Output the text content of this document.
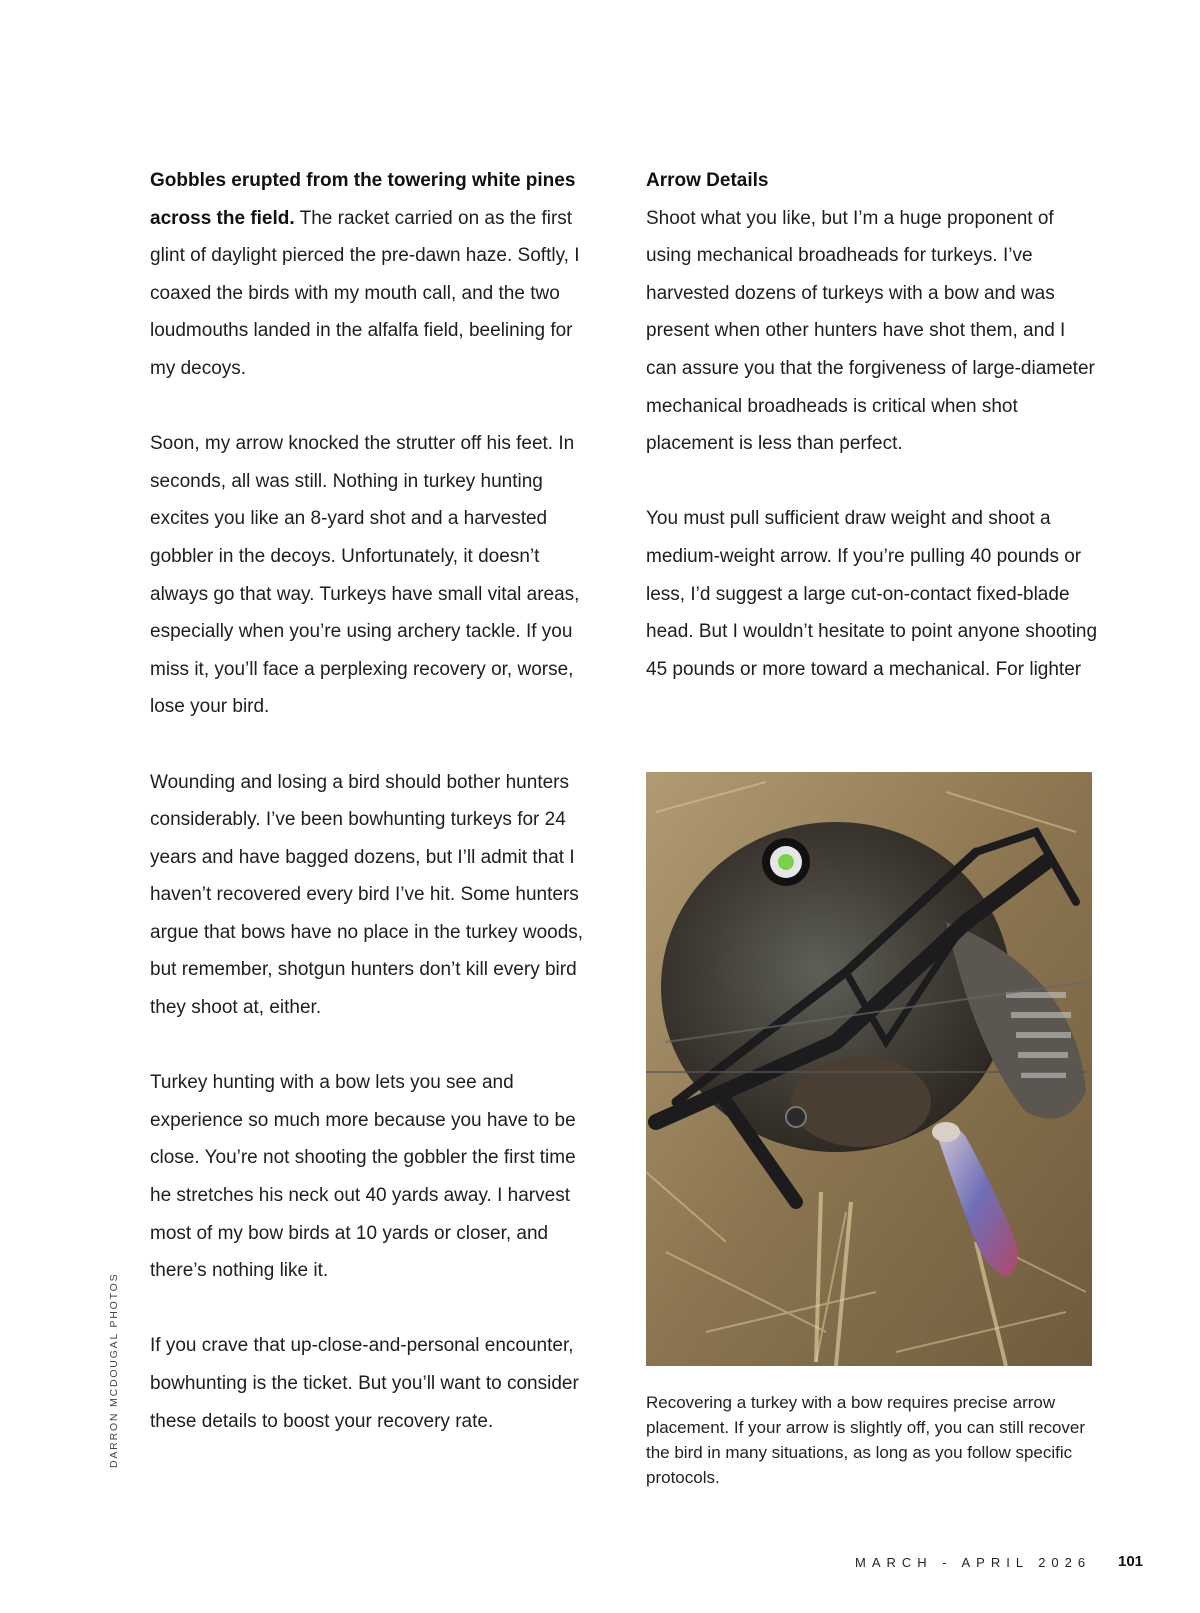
Gobbles erupted from the towering white pines across the field. The racket carried on as the first glint of daylight pierced the pre-dawn haze. Softly, I coaxed the birds with my mouth call, and the two loudmouths landed in the alfalfa field, beelining for my decoys.

Soon, my arrow knocked the strutter off his feet. In seconds, all was still. Nothing in turkey hunting excites you like an 8-yard shot and a harvested gobbler in the decoys. Unfortunately, it doesn’t always go that way. Turkeys have small vital areas, especially when you’re using archery tackle. If you miss it, you’ll face a perplexing recovery or, worse, lose your bird.

Wounding and losing a bird should bother hunters considerably. I’ve been bowhunting turkeys for 24 years and have bagged dozens, but I’ll admit that I haven’t recovered every bird I’ve hit. Some hunters argue that bows have no place in the turkey woods, but remember, shotgun hunters don’t kill every bird they shoot at, either.

Turkey hunting with a bow lets you see and experience so much more because you have to be close. You’re not shooting the gobbler the first time he stretches his neck out 40 yards away. I harvest most of my bow birds at 10 yards or closer, and there’s nothing like it.

If you crave that up-close-and-personal encounter, bowhunting is the ticket. But you’ll want to consider these details to boost your recovery rate.

Arrow Details

Shoot what you like, but I’m a huge proponent of using mechanical broadheads for turkeys. I’ve harvested dozens of turkeys with a bow and was present when other hunters have shot them, and I can assure you that the forgiveness of large-diameter mechanical broadheads is critical when shot placement is less than perfect.

You must pull sufficient draw weight and shoot a medium-weight arrow. If you’re pulling 40 pounds or less, I’d suggest a large cut-on-contact fixed-blade head. But I wouldn’t hesitate to point anyone shooting 45 pounds or more toward a mechanical. For lighter

Recovering a turkey with a bow requires precise arrow placement. If your arrow is slightly off, you can still recover the bird in many situations, as long as you follow specific protocols.

DARRON MCDOUGAL PHOTOS
MARCH - APRIL 2026 101
